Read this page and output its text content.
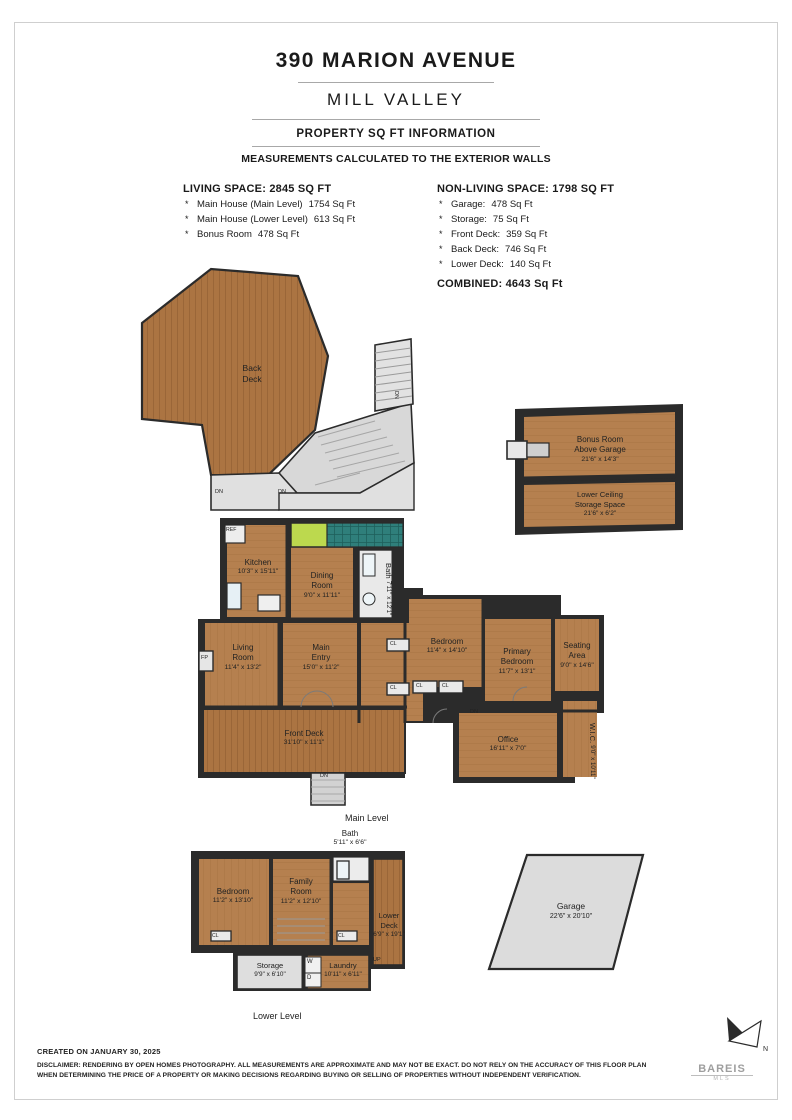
390 MARION AVENUE
MILL VALLEY
PROPERTY SQ FT INFORMATION
MEASUREMENTS CALCULATED TO THE EXTERIOR WALLS
LIVING SPACE: 2845 SQ FT
* Main House (Main Level) 1754 Sq Ft
* Main House (Lower Level) 613 Sq Ft
* Bonus Room 478 Sq Ft
NON-LIVING SPACE: 1798 SQ FT
* Garage: 478 Sq Ft
* Storage: 75 Sq Ft
* Front Deck: 359 Sq Ft
* Back Deck: 746 Sq Ft
* Lower Deck: 140 Sq Ft
COMBINED: 4643 Sq Ft
N
Back
Deck
Bonus Room
Above Garage
21'6" x 14'3"
Lower Ceiling
Storage Space
21'6" x 6'2"
Kitchen
10'3" x 15'11"	Dining
Room
9'0" x 11'11"
Bath 7'11" x 12'1"
Living
Room
11'4" x 13'2"
Main
Entry
15'0" x 11'2"
Bedroom
11'4" x 14'10"	Primary
Bedroom
11'7" x 13'1"
Seating
Area
9'0" x 14'6"
Office
16'11" x 7'0"
W.I.C. 9'0" x 10'11"
Front Deck
31'10" x 11'1"
Main Level
Bath
5'11" x 6'6"
Bedroom
11'2" x 13'10"
Family
Room
11'2" x 12'10"
Lower
Deck
6'9" x 19'1"
Storage
9'9" x 6'10"
Laundry
10'11" x 6'11"
W
D
Garage
22'6" x 20'10"
Lower Level
FP
REF
CL
CL	CL	CL
CL	CL
DN	DN
DN
DN
DN
UP
CREATED ON JANUARY 30, 2025
DISCLAIMER: RENDERING BY OPEN HOMES PHOTOGRAPHY. ALL MEASUREMENTS ARE APPROXIMATE AND MAY NOT BE EXACT. DO NOT RELY ON THE ACCURACY OF THIS FLOOR PLAN
WHEN DETERMINING THE PRICE OF A PROPERTY OR MAKING DECISIONS REGARDING BUYING OR SELLING OF PROPERTIES WITHOUT INDEPENDENT VERIFICATION.
BAREIS
MLS
